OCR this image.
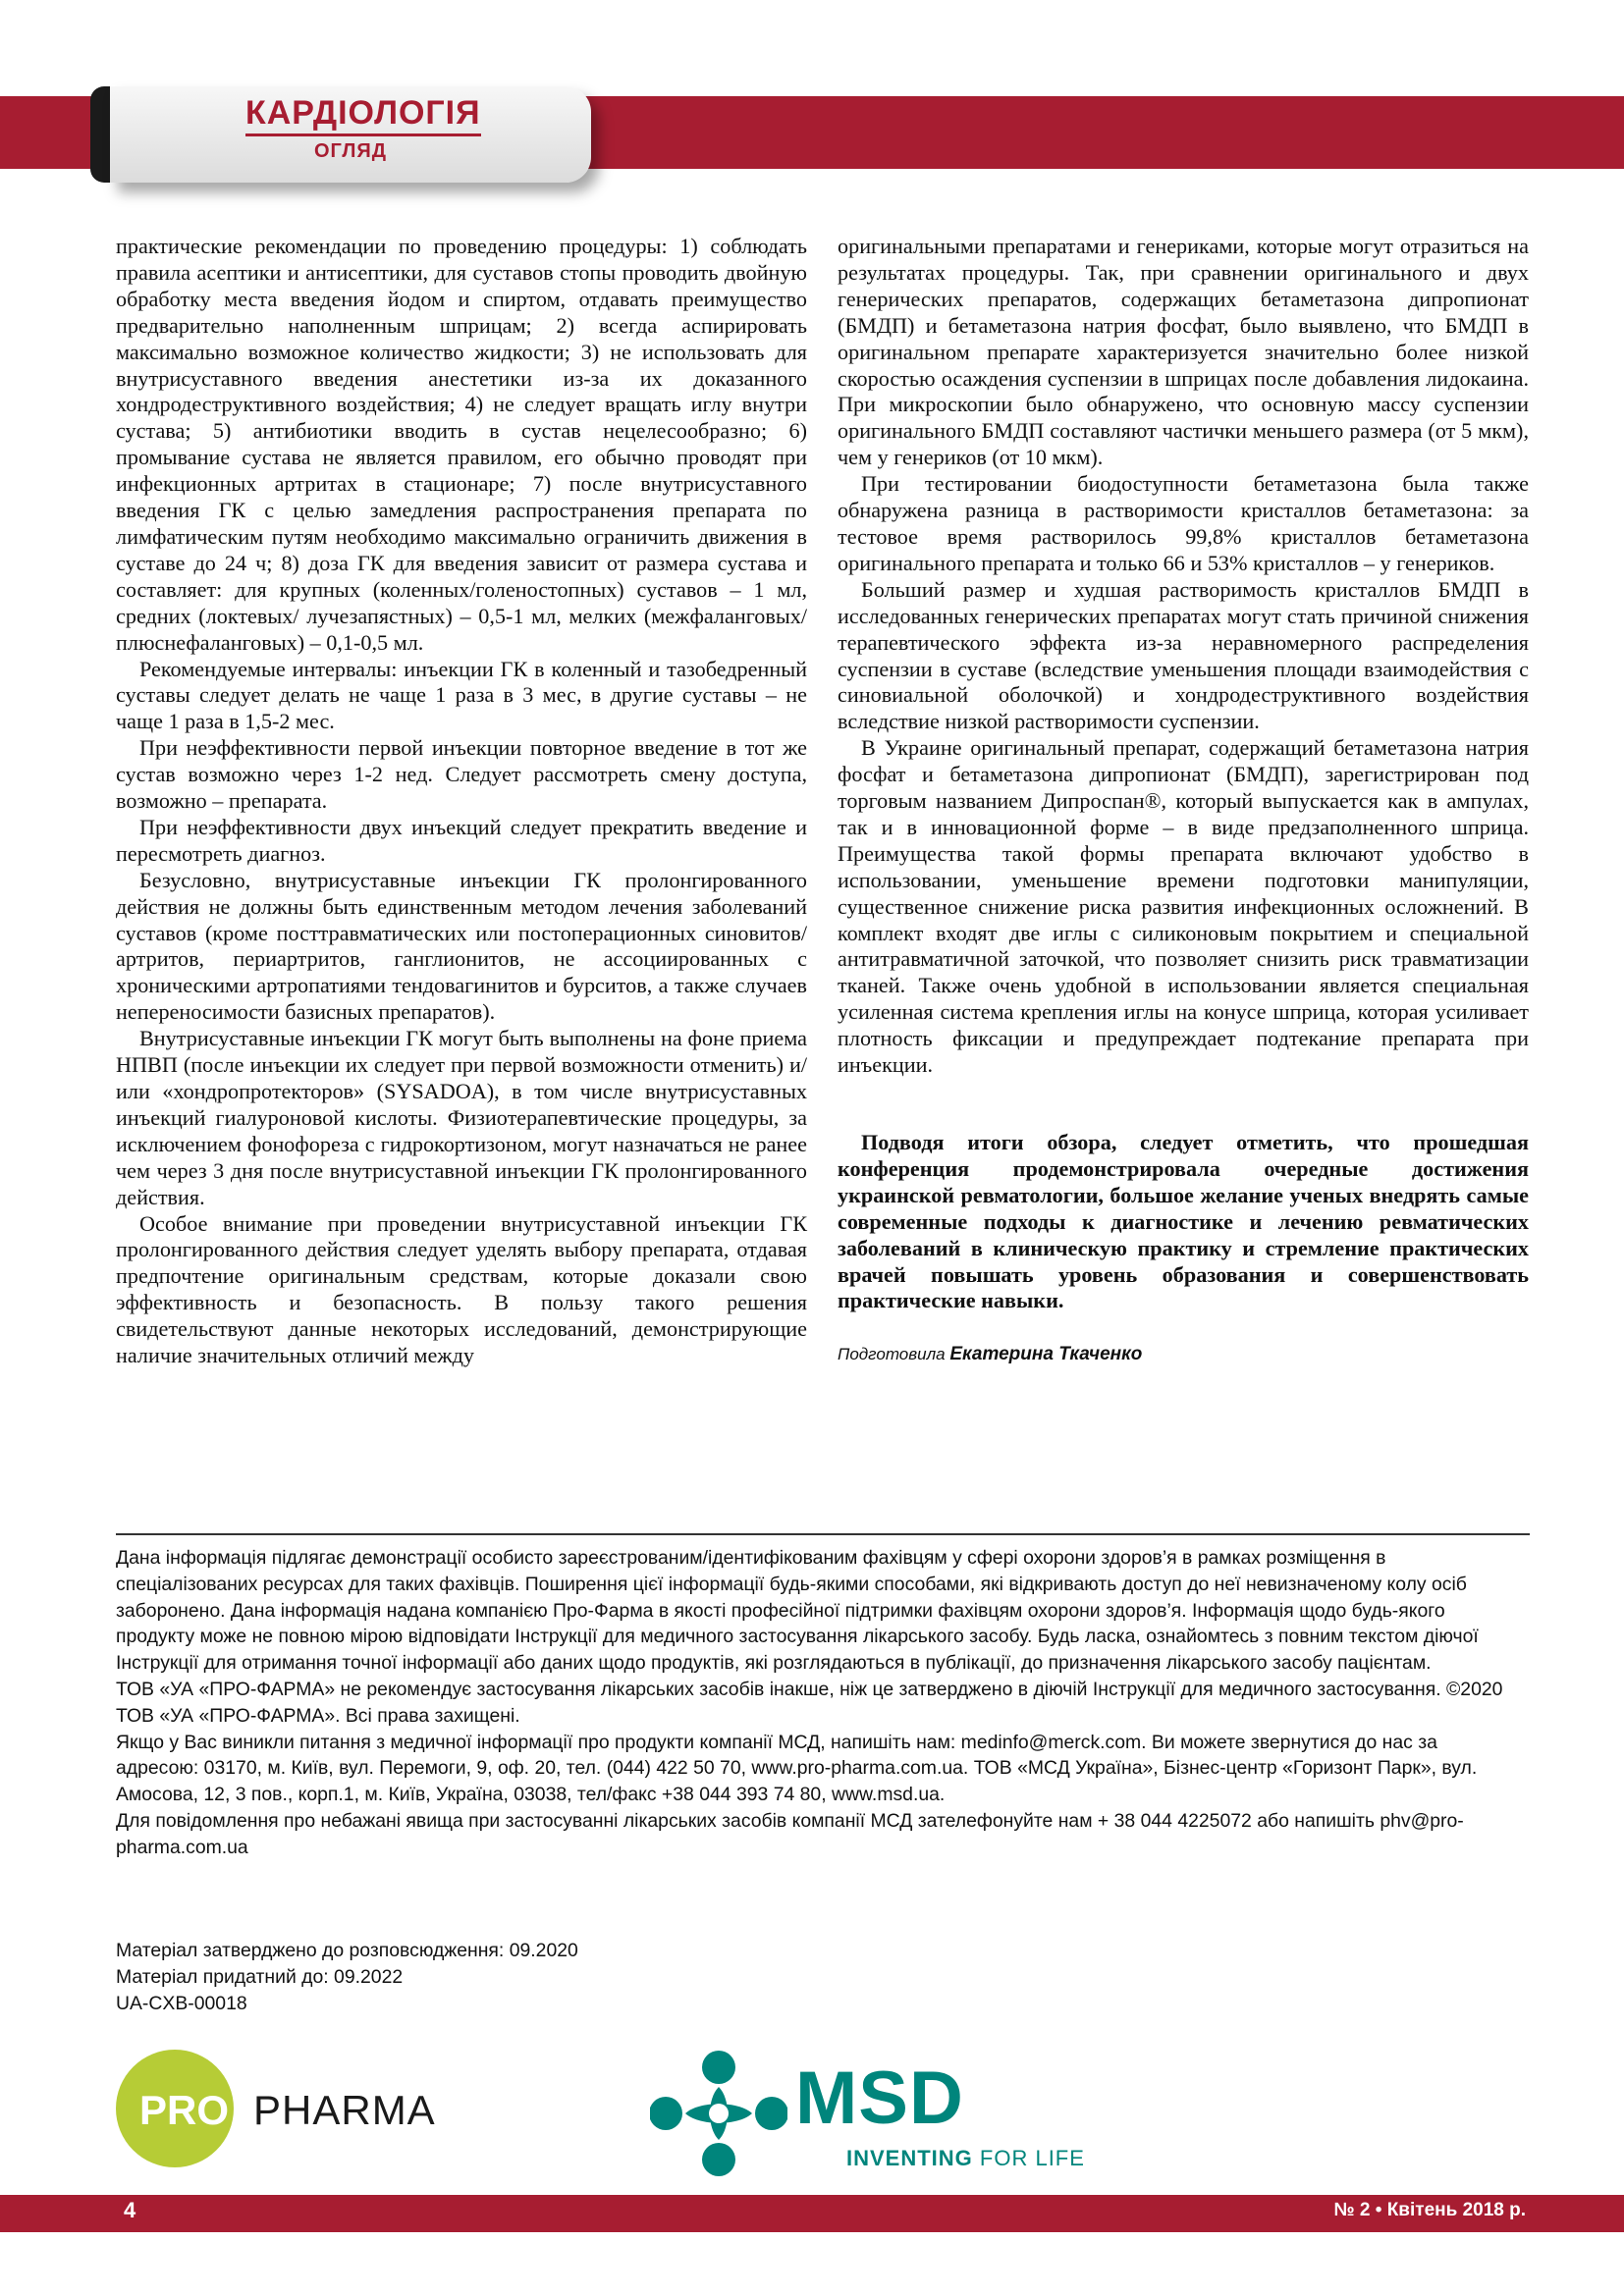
КАРДІОЛОГІЯ
ОГЛЯД

практические рекомендации по проведению процедуры: 1) соблюдать правила асептики и антисептики, для суставов стопы проводить двойную обработку места введения йодом и спиртом, отдавать преимущество предварительно наполненным шприцам; 2) всегда аспирировать максимально возможное количество жидкости; 3) не использовать для внутрисуставного введения анестетики из-за их доказанного хондродеструктивного воздействия; 4) не следует вращать иглу внутри сустава; 5) антибиотики вводить в сустав нецелесообразно; 6) промывание сустава не является правилом, его обычно проводят при инфекционных артритах в стационаре; 7) после внутрисуставного введения ГК с целью замедления распространения препарата по лимфатическим путям необходимо максимально ограничить движения в суставе до 24 ч; 8) доза ГК для введения зависит от размера сустава и составляет: для крупных (коленных/голеностопных) суставов – 1 мл, средних (локтевых/ лучезапястных) – 0,5-1 мл, мелких (межфаланговых/ плюснефаланговых) – 0,1-0,5 мл.

Рекомендуемые интервалы: инъекции ГК в коленный и тазобедренный суставы следует делать не чаще 1 раза в 3 мес, в другие суставы – не чаще 1 раза в 1,5-2 мес.

При неэффективности первой инъекции повторное введение в тот же сустав возможно через 1-2 нед. Следует рассмотреть смену доступа, возможно – препарата.

При неэффективности двух инъекций следует прекратить введение и пересмотреть диагноз.

Безусловно, внутрисуставные инъекции ГК пролонгированного действия не должны быть единственным методом лечения заболеваний суставов (кроме посттравматических или постоперационных синовитов/артритов, периартритов, ганглионитов, не ассоциированных с хроническими артропатиями тендовагинитов и бурситов, а также случаев непереносимости базисных препаратов).

Внутрисуставные инъекции ГК могут быть выполнены на фоне приема НПВП (после инъекции их следует при первой возможности отменить) и/или «хондропротекторов» (SYSADOA), в том числе внутрисуставных инъекций гиалуроновой кислоты. Физиотерапевтические процедуры, за исключением фонофореза с гидрокортизоном, могут назначаться не ранее чем через 3 дня после внутрисуставной инъекции ГК пролонгированного действия.

Особое внимание при проведении внутрисуставной инъекции ГК пролонгированного действия следует уделять выбору препарата, отдавая предпочтение оригинальным средствам, которые доказали свою эффективность и безопасность. В пользу такого решения свидетельствуют данные некоторых исследований, демонстрирующие наличие значительных отличий между

оригинальными препаратами и генериками, которые могут отразиться на результатах процедуры. Так, при сравнении оригинального и двух генерических препаратов, содержащих бетаметазона дипропионат (БМДП) и бетаметазона натрия фосфат, было выявлено, что БМДП в оригинальном препарате характеризуется значительно более низкой скоростью осаждения суспензии в шприцах после добавления лидокаина. При микроскопии было обнаружено, что основную массу суспензии оригинального БМДП составляют частички меньшего размера (от 5 мкм), чем у генериков (от 10 мкм).

При тестировании биодоступности бетаметазона была также обнаружена разница в растворимости кристаллов бетаметазона: за тестовое время растворилось 99,8% кристаллов бетаметазона оригинального препарата и только 66 и 53% кристаллов – у генериков.

Больший размер и худшая растворимость кристаллов БМДП в исследованных генерических препаратах могут стать причиной снижения терапевтического эффекта из-за неравномерного распределения суспензии в суставе (вследствие уменьшения площади взаимодействия с синовиальной оболочкой) и хондродеструктивного воздействия вследствие низкой растворимости суспензии.

В Украине оригинальный препарат, содержащий бетаметазона натрия фосфат и бетаметазона дипропионат (БМДП), зарегистрирован под торговым названием Дипроспан®, который выпускается как в ампулах, так и в инновационной форме – в виде предзаполненного шприца. Преимущества такой формы препарата включают удобство в использовании, уменьшение времени подготовки манипуляции, существенное снижение риска развития инфекционных осложнений. В комплект входят две иглы с силиконовым покрытием и специальной антитравматичной заточкой, что позволяет снизить риск травматизации тканей. Также очень удобной в использовании является специальная усиленная система крепления иглы на конусе шприца, которая усиливает плотность фиксации и предупреждает подтекание препарата при инъекции.

Подводя итоги обзора, следует отметить, что прошедшая конференция продемонстрировала очередные достижения украинской ревматологии, большое желание ученых внедрять самые современные подходы к диагностике и лечению ревматических заболеваний в клиническую практику и стремление практических врачей повышать уровень образования и совершенствовать практические навыки.

Подготовила Екатерина Ткаченко

Дана інформація підлягає демонстрації особисто зареєстрованим/ідентифікованим фахівцям у сфері охорони здоров’я в рамках розміщення в спеціалізованих ресурсах для таких фахівців. Поширення цієї інформації будь-якими способами, які відкривають доступ до неї невизначеному колу осіб заборонено. Дана інформація надана компанією Про-Фарма в якості професійної підтримки фахівцям охорони здоров’я. Інформація щодо будь-якого продукту може не повною мірою відповідати Інструкції для медичного застосування лікарського засобу. Будь ласка, ознайомтесь з повним текстом діючої Інструкції для отримання точної інформації або даних щодо продуктів, які розглядаються в публікації, до призначення лікарського засобу пацієнтам.

ТОВ «УА «ПРО-ФАРМА» не рекомендує застосування лікарських засобів інакше, ніж це затверджено в діючій Інструкції для медичного застосування. ©2020 ТОВ «УА «ПРО-ФАРМА». Всі права захищені.

Якщо у Вас виникли питання з медичної інформації про продукти компанії МСД, напишіть нам: medinfo@merck.com. Ви можете звернутися до нас за адресою: 03170, м. Київ, вул. Перемоги, 9, оф. 20, тел. (044) 422 50 70, www.pro-pharma.com.ua. ТОВ «МСД Україна», Бізнес-центр «Горизонт Парк», вул. Амосова, 12, 3 пов., корп.1, м. Київ, Україна, 03038, тел/факс +38 044 393 74 80, www.msd.ua.

Для повідомлення про небажані явища при застосуванні лікарських засобів компанії МСД зателефонуйте нам + 38 044 4225072 або напишіть phv@pro-pharma.com.ua

Матеріал затверджено до розповсюдження: 09.2020

Матеріал придатний до: 09.2022

UA-CXB-00018

PRO PHARMA	MSD
INVENTING FOR LIFE
4	№ 2 • Квітень 2018 р.
